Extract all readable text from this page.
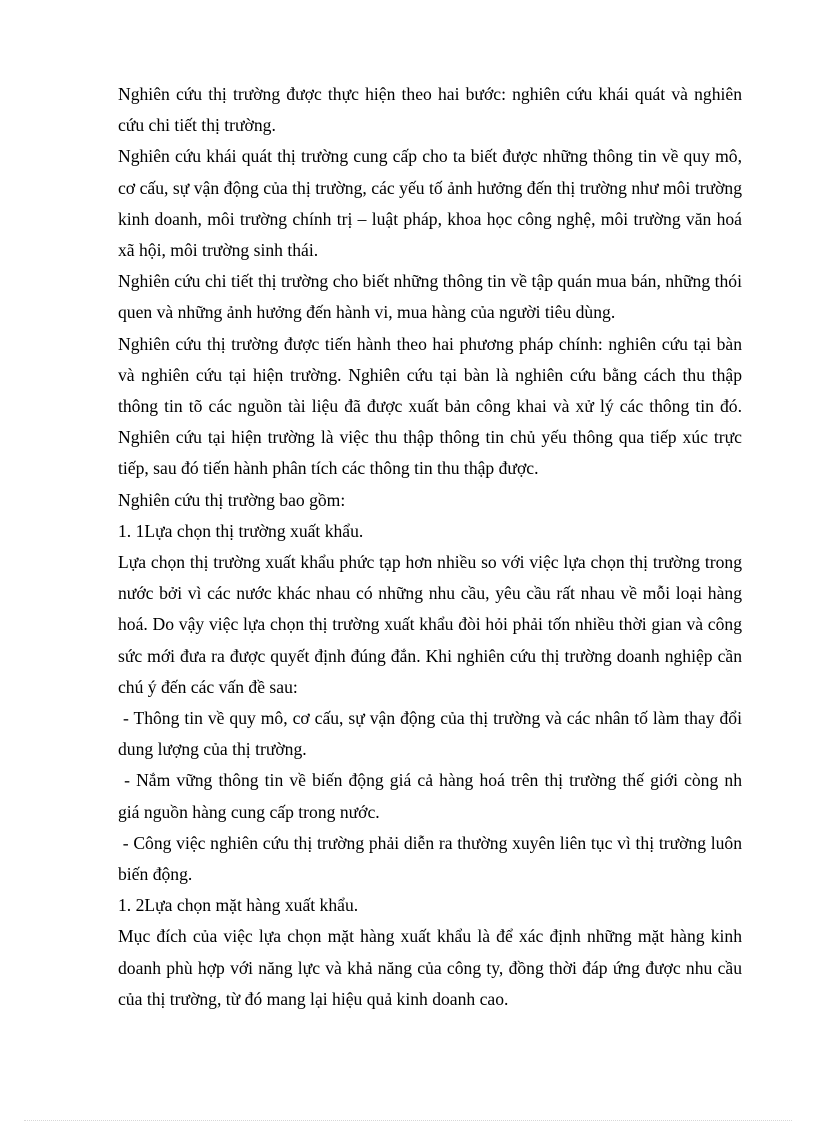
Nghiên cứu thị trường được thực hiện theo hai bước: nghiên cứu khái quát và nghiên cứu chi tiết thị trường.

Nghiên cứu khái quát thị trường cung cấp cho ta biết được những thông tin về quy mô, cơ cấu, sự vận động của thị trường, các yếu tố ảnh hưởng đến thị trường như môi trường kinh doanh, môi trường chính trị – luật pháp, khoa học công nghệ, môi trường văn hoá xã hội, môi trường sinh thái.

Nghiên cứu chi tiết thị trường cho biết những thông tin về tập quán mua bán, những thói quen và những ảnh hưởng đến hành vi, mua hàng của người tiêu dùng.

Nghiên cứu thị trường được tiến hành theo hai phương pháp chính: nghiên cứu tại bàn và nghiên cứu tại hiện trường. Nghiên cứu tại bàn là nghiên cứu bằng cách thu thập thông tin tõ các nguồn tài liệu đã được xuất bản công khai và xử lý các thông tin đó. Nghiên cứu tại hiện trường là việc thu thập thông tin chủ yếu thông qua tiếp xúc trực tiếp, sau đó tiến hành phân tích các thông tin thu thập được.

Nghiên cứu thị trường bao gồm:

1. 1Lựa chọn thị trường xuất khẩu.

Lựa chọn thị trường xuất khẩu phức tạp hơn nhiều so với việc lựa chọn thị trường trong nước bởi vì các nước khác nhau có những nhu cầu, yêu cầu rất nhau về mỗi loại hàng hoá. Do vậy việc lựa chọn thị trường xuất khẩu đòi hỏi phải tốn nhiều thời gian và công sức mới đưa ra được quyết định đúng đắn. Khi nghiên cứu thị trường doanh nghiệp cần chú ý đến các vấn đề sau:

- Thông tin về quy mô, cơ cấu, sự vận động của thị trường và các nhân tố làm thay đổi dung lượng của thị trường.

- Nắm vững thông tin về biến động giá cả hàng hoá trên thị trường thế giới còng nh   giá nguồn hàng cung cấp trong nước.

- Công việc nghiên cứu thị trường phải diễn ra thường xuyên liên tục vì thị trường luôn biến động.

1. 2Lựa chọn mặt hàng xuất khẩu.

Mục đích của việc lựa chọn mặt hàng xuất khẩu là để xác định những mặt hàng kinh doanh phù hợp với năng lực và khả năng của công ty, đồng thời đáp ứng được nhu cầu của thị trường, từ đó mang lại hiệu quả kinh doanh cao.
